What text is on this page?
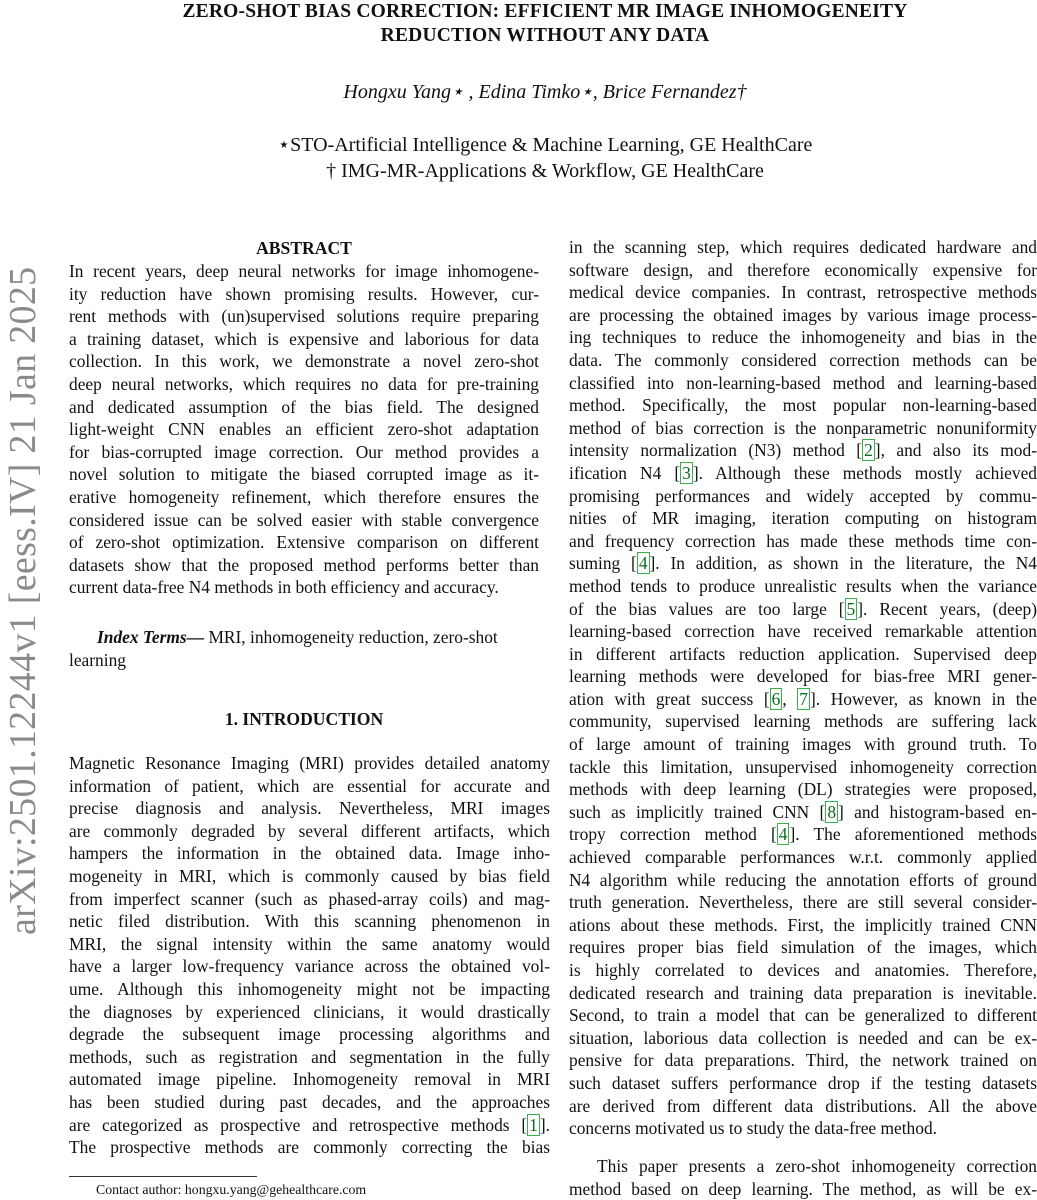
arXiv:2501.12244v1 [eess.IV] 21 Jan 2025
ZERO-SHOT BIAS CORRECTION: EFFICIENT MR IMAGE INHOMOGENEITY
REDUCTION WITHOUT ANY DATA
Hongxu Yang⋆ , Edina Timko⋆, Brice Fernandez†
⋆STO-Artificial Intelligence & Machine Learning, GE HealthCare
† IMG-MR-Applications & Workflow, GE HealthCare
ABSTRACT
In recent years, deep neural networks for image inhomogene-
ity reduction have shown promising results. However, cur-
rent methods with (un)supervised solutions require preparing
a training dataset, which is expensive and laborious for data
collection. In this work, we demonstrate a novel zero-shot
deep neural networks, which requires no data for pre-training
and dedicated assumption of the bias field. The designed
light-weight CNN enables an efficient zero-shot adaptation
for bias-corrupted image correction. Our method provides a
novel solution to mitigate the biased corrupted image as it-
erative homogeneity refinement, which therefore ensures the
considered issue can be solved easier with stable convergence
of zero-shot optimization. Extensive comparison on different
datasets show that the proposed method performs better than
current data-free N4 methods in both efficiency and accuracy.
Index Terms— MRI, inhomogeneity reduction, zero-shot
learning
1. INTRODUCTION
Magnetic Resonance Imaging (MRI) provides detailed anatomy
information of patient, which are essential for accurate and
precise diagnosis and analysis. Nevertheless, MRI images
are commonly degraded by several different artifacts, which
hampers the information in the obtained data. Image inho-
mogeneity in MRI, which is commonly caused by bias field
from imperfect scanner (such as phased-array coils) and mag-
netic filed distribution. With this scanning phenomenon in
MRI, the signal intensity within the same anatomy would
have a larger low-frequency variance across the obtained vol-
ume. Although this inhomogeneity might not be impacting
the diagnoses by experienced clinicians, it would drastically
degrade the subsequent image processing algorithms and
methods, such as registration and segmentation in the fully
automated image pipeline. Inhomogeneity removal in MRI
has been studied during past decades, and the approaches
are categorized as prospective and retrospective methods [ 1 ].
The prospective methods are commonly correcting the bias
in the scanning step, which requires dedicated hardware and
software design, and therefore economically expensive for
medical device companies. In contrast, retrospective methods
are processing the obtained images by various image process-
ing techniques to reduce the inhomogeneity and bias in the
data. The commonly considered correction methods can be
classified into non-learning-based method and learning-based
method. Specifically, the most popular non-learning-based
method of bias correction is the nonparametric nonuniformity
intensity normalization (N3) method [ 2 ], and also its mod-
ification N4 [ 3 ]. Although these methods mostly achieved
promising performances and widely accepted by commu-
nities of MR imaging, iteration computing on histogram
and frequency correction has made these methods time con-
suming [ 4 ]. In addition, as shown in the literature, the N4
method tends to produce unrealistic results when the variance
of the bias values are too large [ 5 ]. Recent years, (deep)
learning-based correction have received remarkable attention
in different artifacts reduction application. Supervised deep
learning methods were developed for bias-free MRI gener-
ation with great success [ 6 , 7 ]. However, as known in the
community, supervised learning methods are suffering lack
of large amount of training images with ground truth. To
tackle this limitation, unsupervised inhomogeneity correction
methods with deep learning (DL) strategies were proposed,
such as implicitly trained CNN [ 8 ] and histogram-based en-
tropy correction method [ 4 ]. The aforementioned methods
achieved comparable performances w.r.t. commonly applied
N4 algorithm while reducing the annotation efforts of ground
truth generation. Nevertheless, there are still several consider-
ations about these methods. First, the implicitly trained CNN
requires proper bias field simulation of the images, which
is highly correlated to devices and anatomies. Therefore,
dedicated research and training data preparation is inevitable.
Second, to train a model that can be generalized to different
situation, laborious data collection is needed and can be ex-
pensive for data preparations. Third, the network trained on
such dataset suffers performance drop if the testing datasets
are derived from different data distributions. All the above
concerns motivated us to study the data-free method.
This paper presents a zero-shot inhomogeneity correction
method based on deep learning. The method, as will be ex-
Contact author: hongxu.yang@gehealthcare.com
